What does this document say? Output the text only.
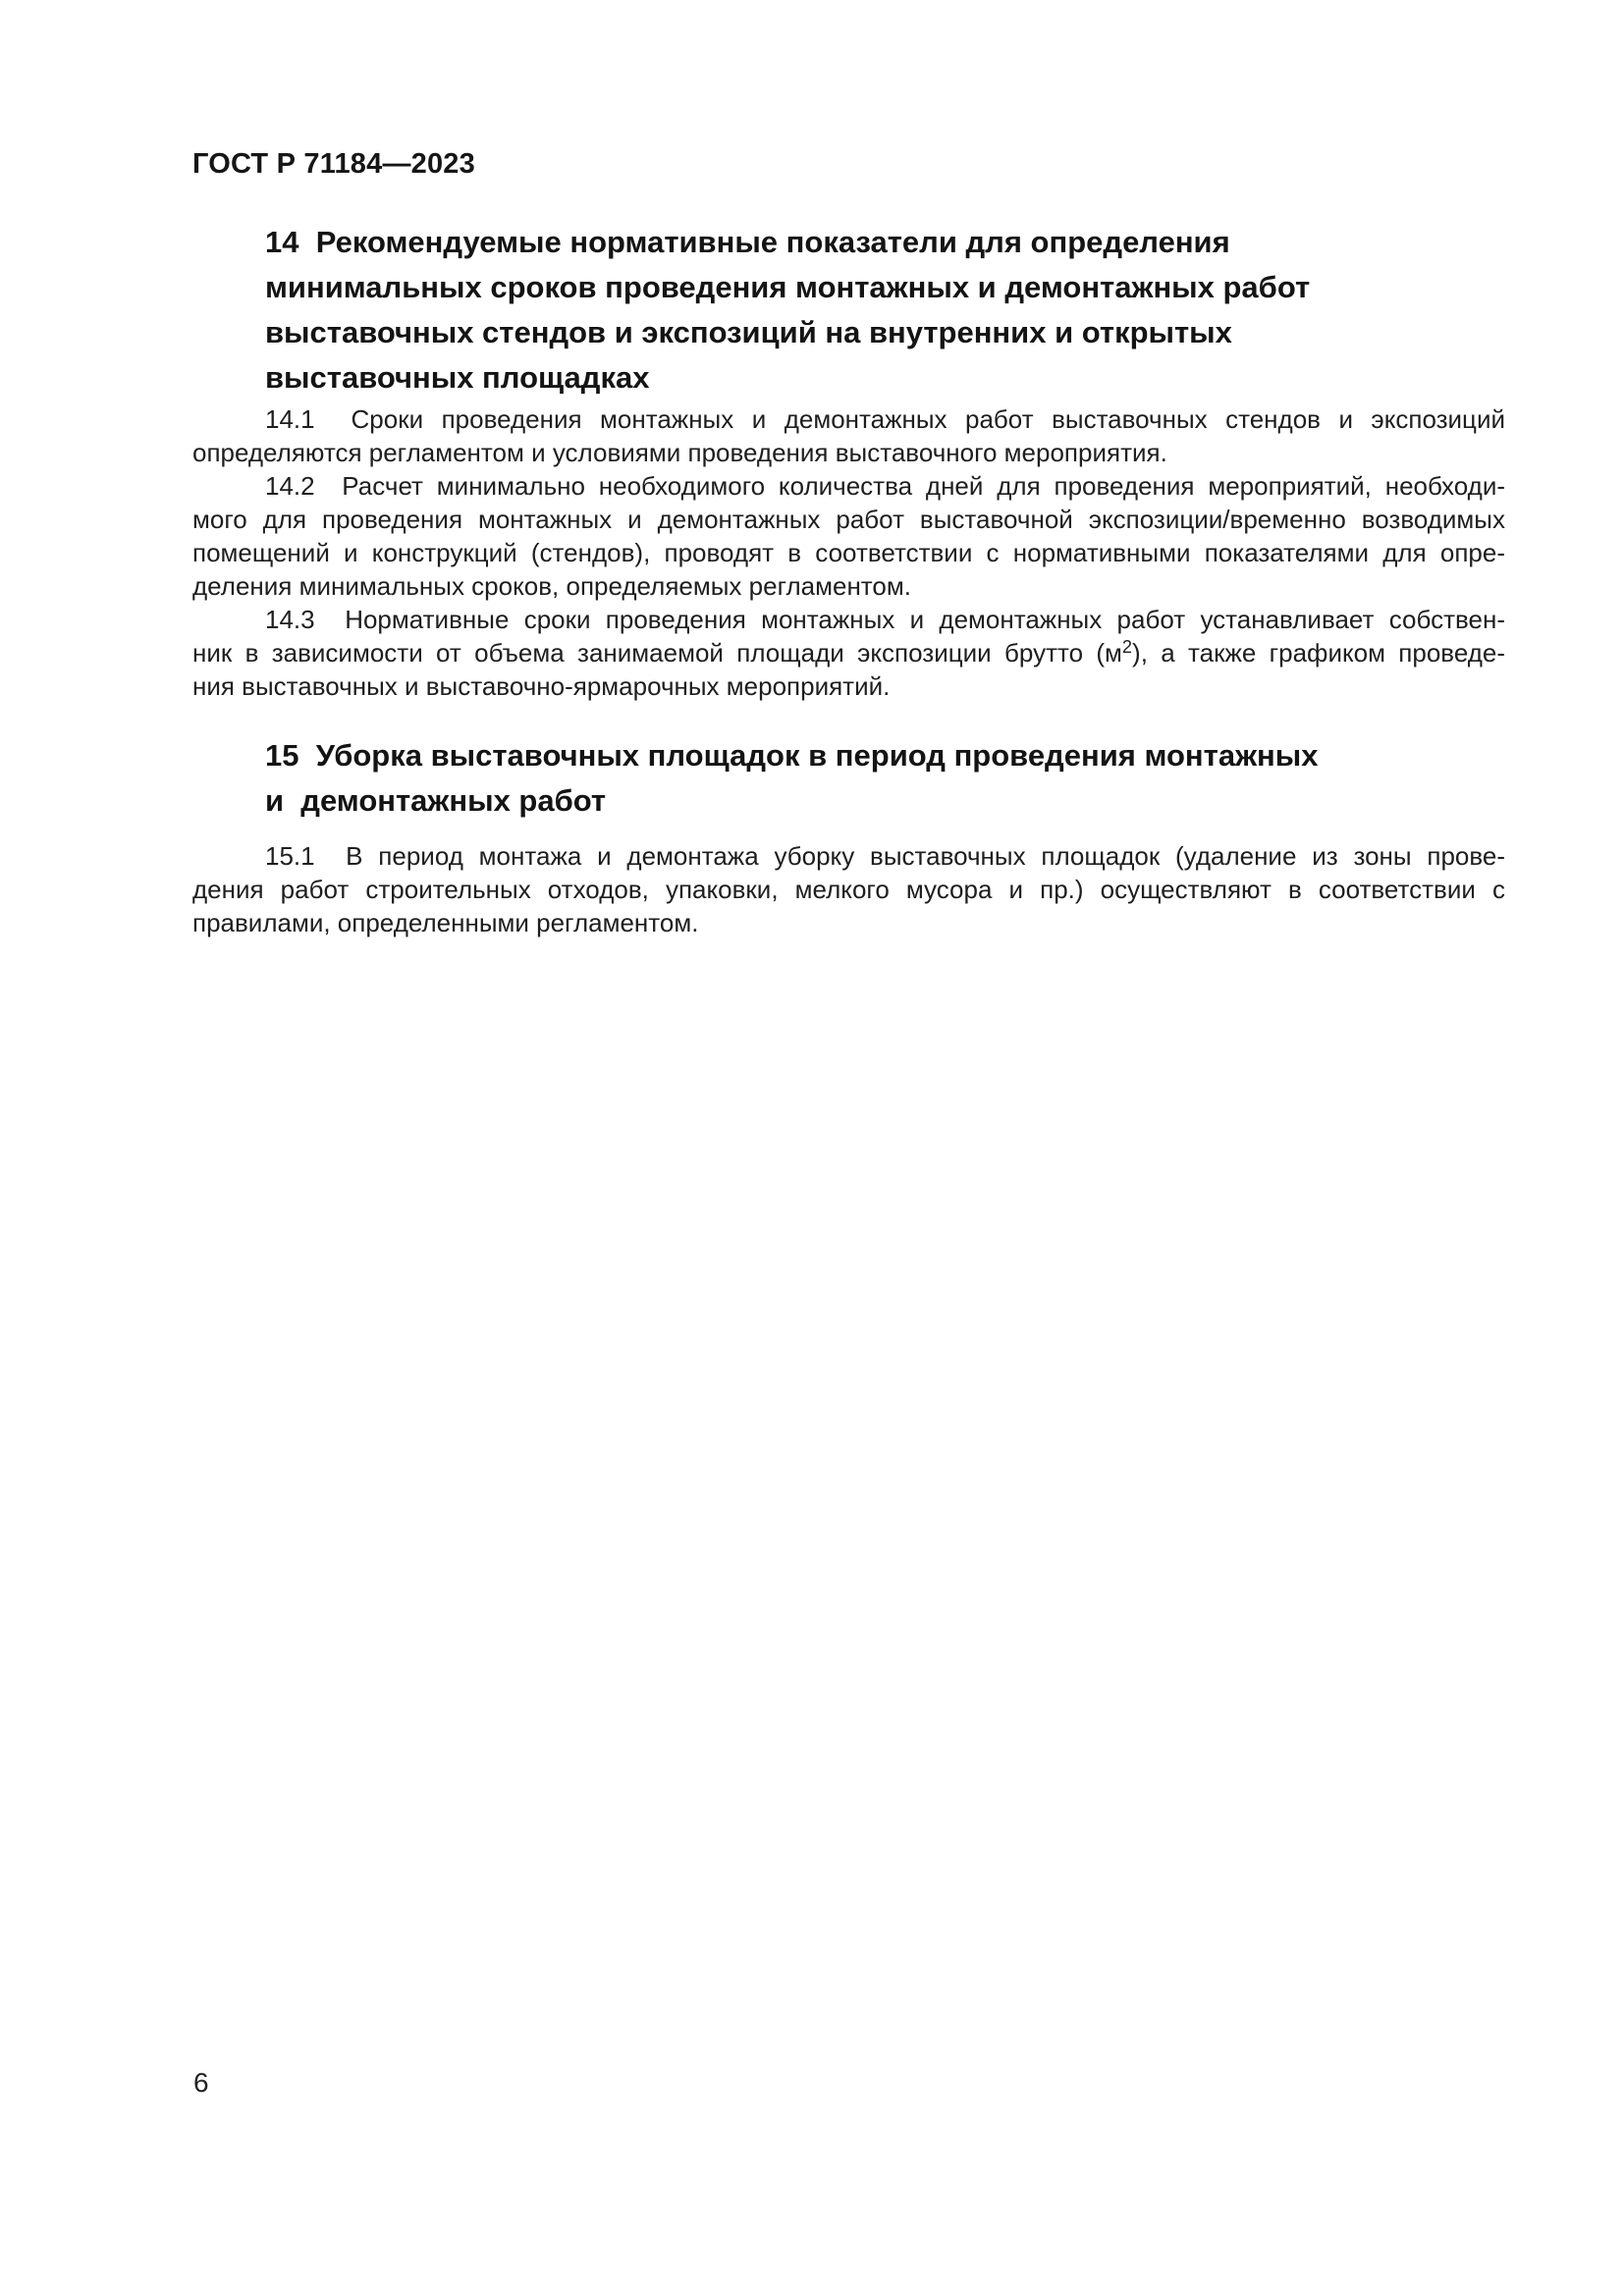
ГОСТ Р 71184—2023
14  Рекомендуемые нормативные показатели для определения
минимальных сроков проведения монтажных и демонтажных работ
выставочных стендов и экспозиций на внутренних и открытых
выставочных площадках
14.1  Сроки проведения монтажных и демонтажных работ выставочных стендов и экспозиций
определяются регламентом и условиями проведения выставочного мероприятия.
14.2  Расчет минимально необходимого количества дней для проведения мероприятий, необходи-
мого для проведения монтажных и демонтажных работ выставочной экспозиции/временно возводимых
помещений и конструкций (стендов), проводят в соответствии с нормативными показателями для опре-
деления минимальных сроков, определяемых регламентом.
14.3  Нормативные сроки проведения монтажных и демонтажных работ устанавливает собствен-
ник в зависимости от объема занимаемой площади экспозиции брутто $(м^2)$, а также графиком проведе-
ния выставочных и выставочно-ярмарочных мероприятий.
15  Уборка выставочных площадок в период проведения монтажных
и  демонтажных работ
15.1  В период монтажа и демонтажа уборку выставочных площадок (удаление из зоны прове-
дения работ строительных отходов, упаковки, мелкого мусора и пр.) осуществляют в соответствии с
правилами, определенными регламентом.
6
